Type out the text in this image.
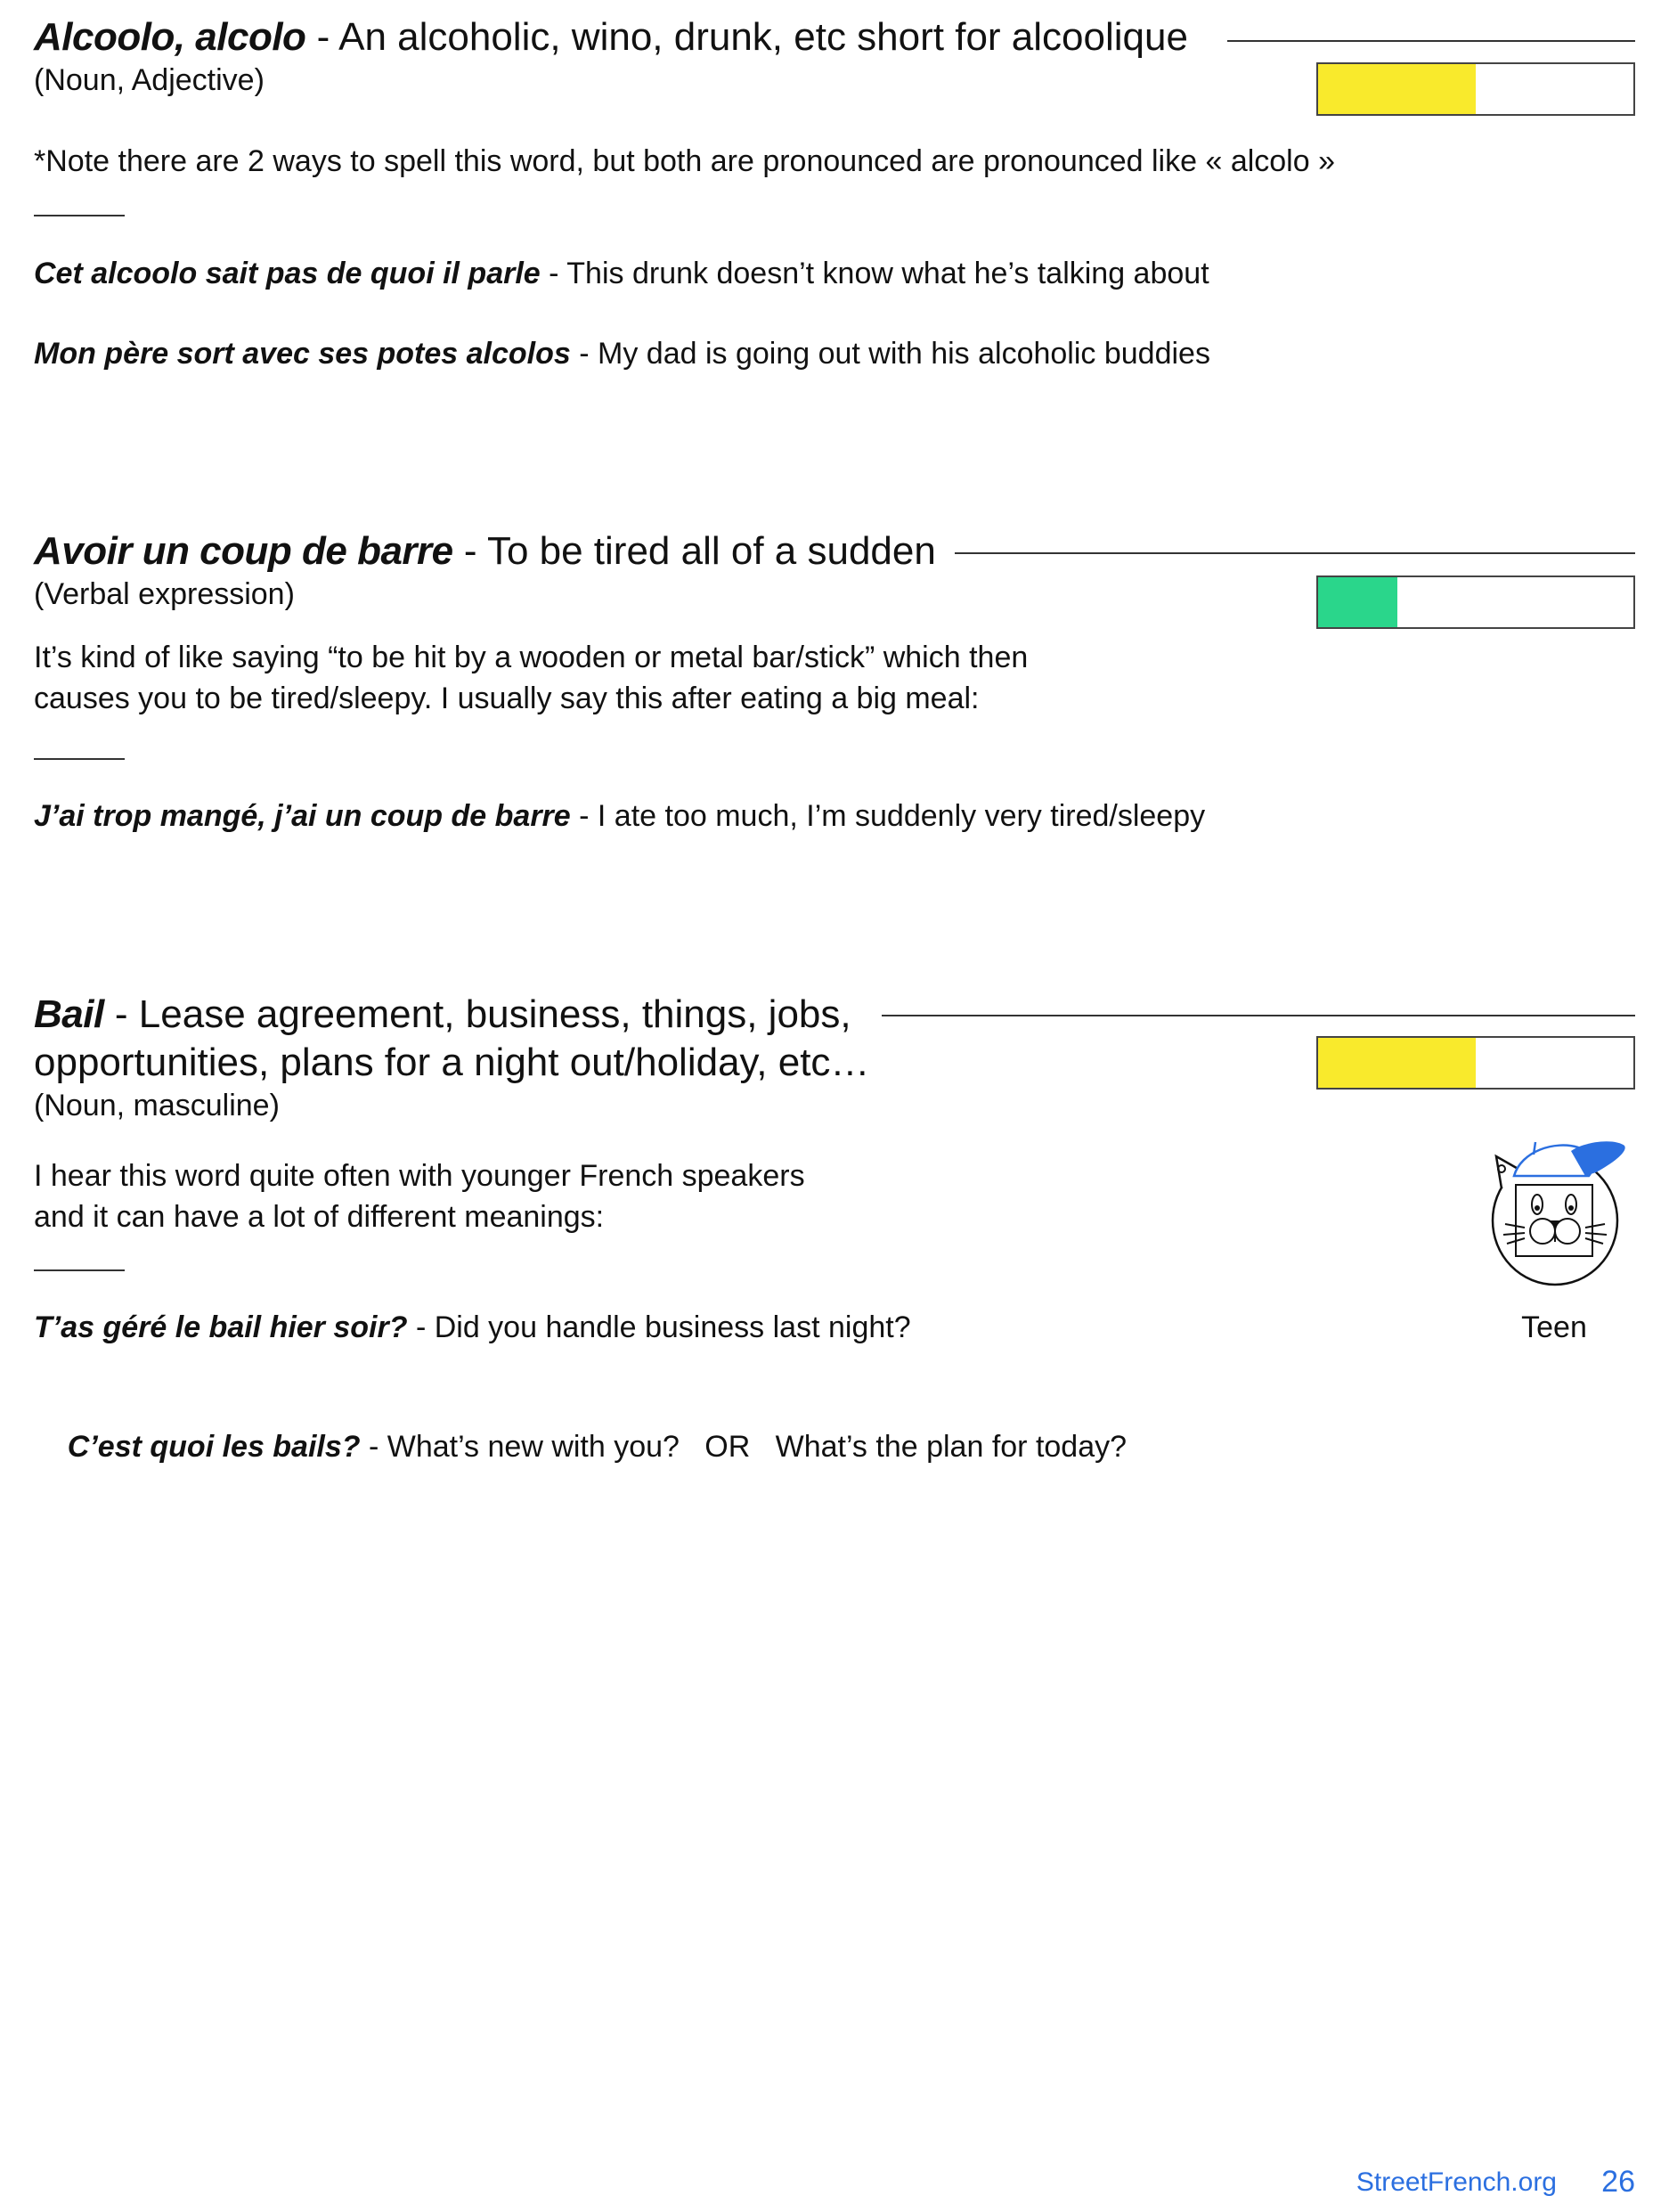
Alcoolo, alcolo - An alcoholic, wino, drunk, etc short for alcoolique
(Noun, Adjective)
*Note there are 2 ways to spell this word, but both are pronounced are pronounced like « alcolo »
Cet alcoolo sait pas de quoi il parle - This drunk doesn’t know what he’s talking about
Mon père sort avec ses potes alcolos - My dad is going out with his alcoholic buddies
Avoir un coup de barre - To be tired all of a sudden
(Verbal expression)
It’s kind of like saying “to be hit by a wooden or metal bar/stick” which then
causes you to be tired/sleepy. I usually say this after eating a big meal:
J’ai trop mangé, j’ai un coup de barre - I ate too much, I’m suddenly very tired/sleepy
Bail - Lease agreement, business, things, jobs,
opportunities, plans for a night out/holiday, etc…
(Noun, masculine)
Teen
I hear this word quite often with younger French speakers
and it can have a lot of different meanings:
T’as géré le bail hier soir? - Did you handle business last night?

C’est quoi les bails? - What’s new with you?   OR   What’s the plan for today?

StreetFrench.org 26
